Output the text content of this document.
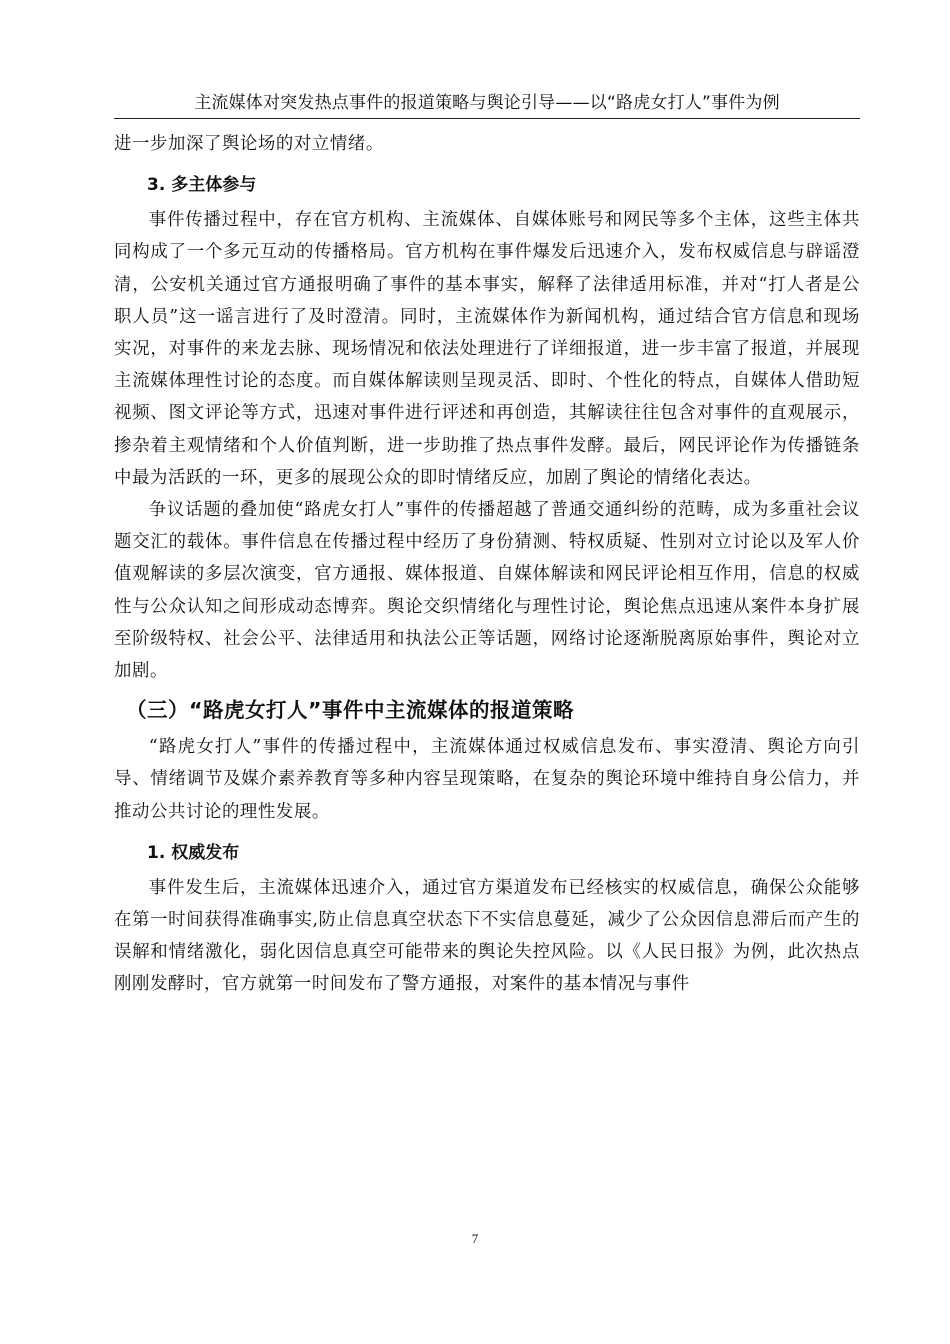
主流媒体对突发热点事件的报道策略与舆论引导——以“路虎女打人”事件为例

进一步加深了舆论场的对立情绪。

3. 多主体参与

事件传播过程中，存在官方机构、主流媒体、自媒体账号和网民等多个主体，这些主体共同构成了一个多元互动的传播格局。官方机构在事件爆发后迅速介入，发布权威信息与辟谣澄清，公安机关通过官方通报明确了事件的基本事实，解释了法律适用标准，并对“打人者是公职人员”这一谣言进行了及时澄清。同时，主流媒体作为新闻机构，通过结合官方信息和现场实况，对事件的来龙去脉、现场情况和依法处理进行了详细报道，进一步丰富了报道，并展现主流媒体理性讨论的态度。而自媒体解读则呈现灵活、即时、个性化的特点，自媒体人借助短视频、图文评论等方式，迅速对事件进行评述和再创造，其解读往往包含对事件的直观展示，掺杂着主观情绪和个人价值判断，进一步助推了热点事件发酵。最后，网民评论作为传播链条中最为活跃的一环，更多的展现公众的即时情绪反应，加剧了舆论的情绪化表达。

争议话题的叠加使“路虎女打人”事件的传播超越了普通交通纠纷的范畴，成为多重社会议题交汇的载体。事件信息在传播过程中经历了身份猜测、特权质疑、性别对立讨论以及军人价值观解读的多层次演变，官方通报、媒体报道、自媒体解读和网民评论相互作用，信息的权威性与公众认知之间形成动态博弈。舆论交织情绪化与理性讨论，舆论焦点迅速从案件本身扩展至阶级特权、社会公平、法律适用和执法公正等话题，网络讨论逐渐脱离原始事件，舆论对立加剧。

（三）“路虎女打人”事件中主流媒体的报道策略

“路虎女打人”事件的传播过程中，主流媒体通过权威信息发布、事实澄清、舆论方向引导、情绪调节及媒介素养教育等多种内容呈现策略，在复杂的舆论环境中维持自身公信力，并推动公共讨论的理性发展。

1. 权威发布

事件发生后，主流媒体迅速介入，通过官方渠道发布已经核实的权威信息，确保公众能够在第一时间获得准确事实,防止信息真空状态下不实信息蔓延，减少了公众因信息滞后而产生的误解和情绪激化，弱化因信息真空可能带来的舆论失控风险。以《人民日报》为例，此次热点刚刚发酵时，官方就第一时间发布了警方通报，对案件的基本情况与事件

7
